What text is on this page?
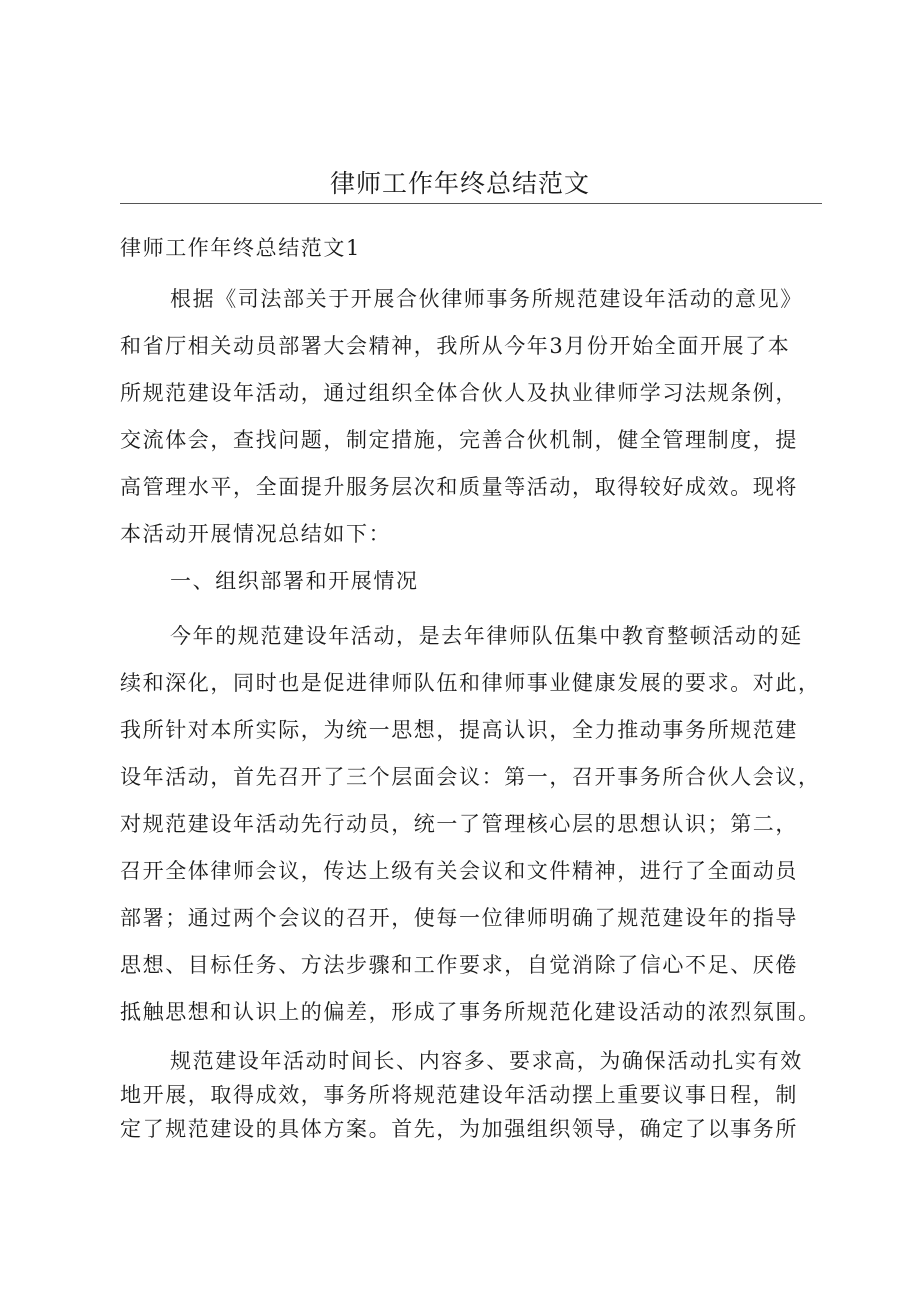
律师工作年终总结范文
律师工作年终总结范文1
根据《司法部关于开展合伙律师事务所规范建设年活动的意见》
和省厅相关动员部署大会精神，我所从今年3月份开始全面开展了本
所规范建设年活动，通过组织全体合伙人及执业律师学习法规条例，
交流体会，查找问题，制定措施，完善合伙机制，健全管理制度，提
高管理水平，全面提升服务层次和质量等活动，取得较好成效。现将
本活动开展情况总结如下：
一、组织部署和开展情况
今年的规范建设年活动，是去年律师队伍集中教育整顿活动的延
续和深化，同时也是促进律师队伍和律师事业健康发展的要求。对此，
我所针对本所实际，为统一思想，提高认识，全力推动事务所规范建
设年活动，首先召开了三个层面会议：第一，召开事务所合伙人会议，
对规范建设年活动先行动员，统一了管理核心层的思想认识；第二，
召开全体律师会议，传达上级有关会议和文件精神，进行了全面动员
部署；通过两个会议的召开，使每一位律师明确了规范建设年的指导
思想、目标任务、方法步骤和工作要求，自觉消除了信心不足、厌倦
抵触思想和认识上的偏差，形成了事务所规范化建设活动的浓烈氛围。
规范建设年活动时间长、内容多、要求高，为确保活动扎实有效
地开展，取得成效，事务所将规范建设年活动摆上重要议事日程，制
定了规范建设的具体方案。首先，为加强组织领导，确定了以事务所
